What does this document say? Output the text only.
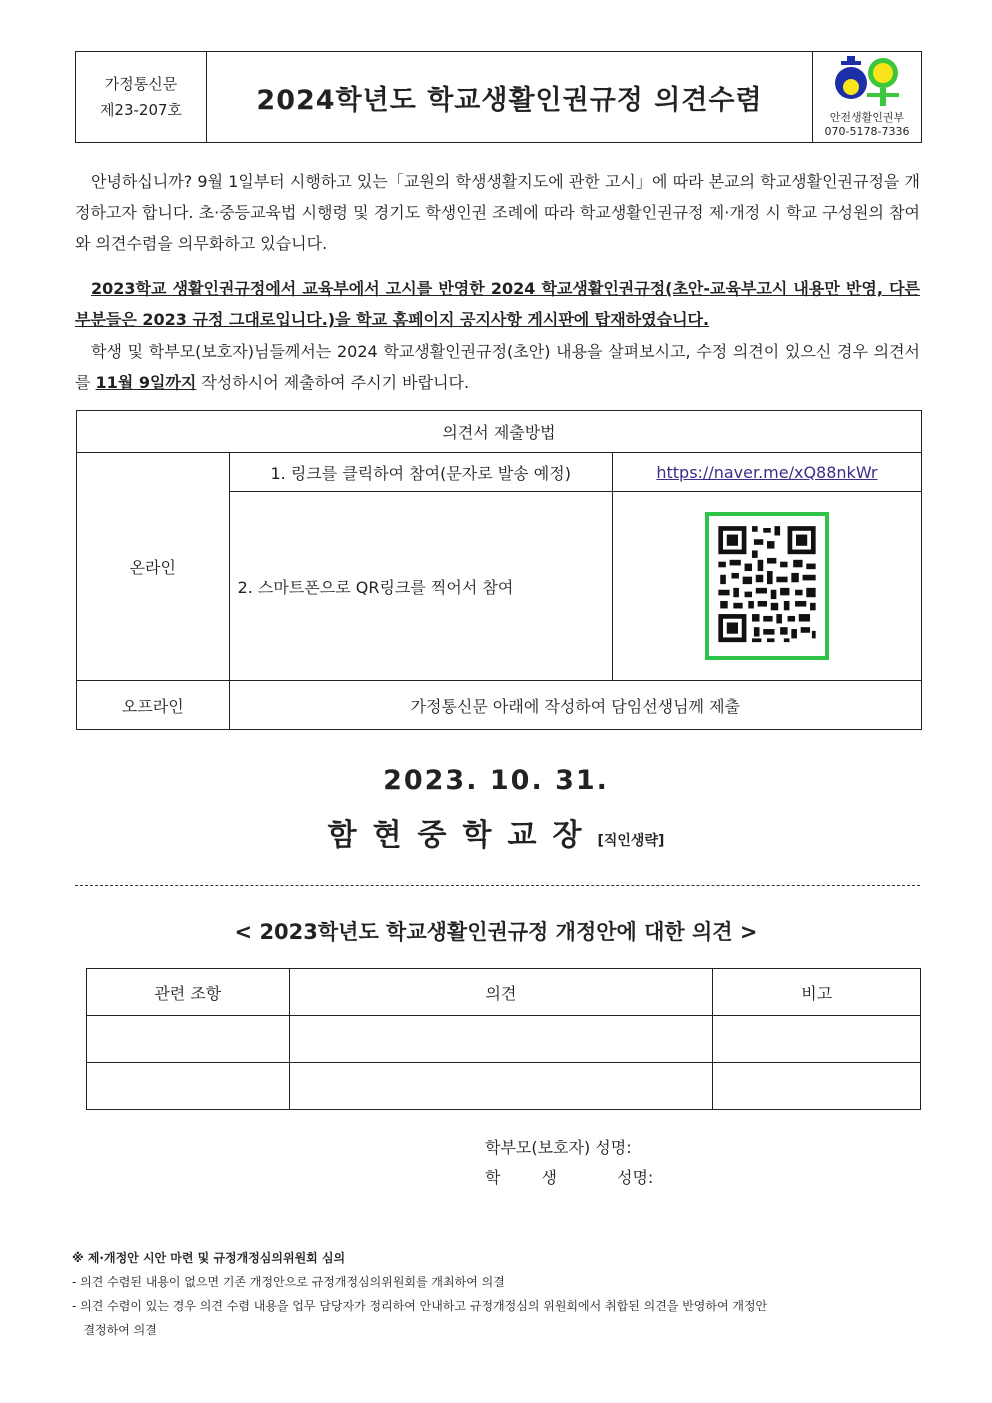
가정통신문
제23-207호	2024학년도 학교생활인권규정 의견수렴
안전생활인권부
070-5178-7336

안녕하십니까? 9월 1일부터 시행하고 있는「교원의 학생생활지도에 관한 고시」에 따라 본교의 학교생활인권규정을 개정하고자 합니다. 초·중등교육법 시행령 및 경기도 학생인권 조례에 따라 학교생활인권규정 제·개정 시 학교 구성원의 참여와 의견수렴을 의무화하고 있습니다.

2023학교 생활인권규정에서 교육부에서 고시를 반영한 2024 학교생활인권규정(초안-교육부고시 내용만 반영, 다른 부분들은 2023 규정 그대로입니다.)을 학교 홈페이지 공지사항 게시판에 탑재하였습니다.

학생 및 학부모(보호자)님들께서는 2024 학교생활인권규정(초안) 내용을 살펴보시고, 수정 의견이 있으신 경우 의견서를 11월 9일까지 작성하시어 제출하여 주시기 바랍니다.

의견서 제출방법		
온라인	1. 링크를 클릭하여 참여(문자로 발송 예정)	https://naver.me/xQ88nkWr
	2. 스마트폰으로 QR링크를 찍어서 참여	

오프라인	가정통신문 아래에 작성하여 담임선생님께 제출	
2023. 10. 31.
함현중학교장[직인생략]
< 2023학년도 학교생활인권규정 개정안에 대한 의견 >
관련 조항	의견	비고

학부모(보호자) 성명:
학 생	성명:

※ 제·개정안 시안 마련 및 규정개정심의위원회 심의

- 의견 수렴된 내용이 없으면 기존 개정안으로 규정개정심의위원회를 개최하여 의결

- 의견 수렴이 있는 경우 의견 수렴 내용을 업무 담당자가 정리하여 안내하고 규정개정심의 위원회에서 취합된 의견을 반영하여 개정안

결정하여 의결
